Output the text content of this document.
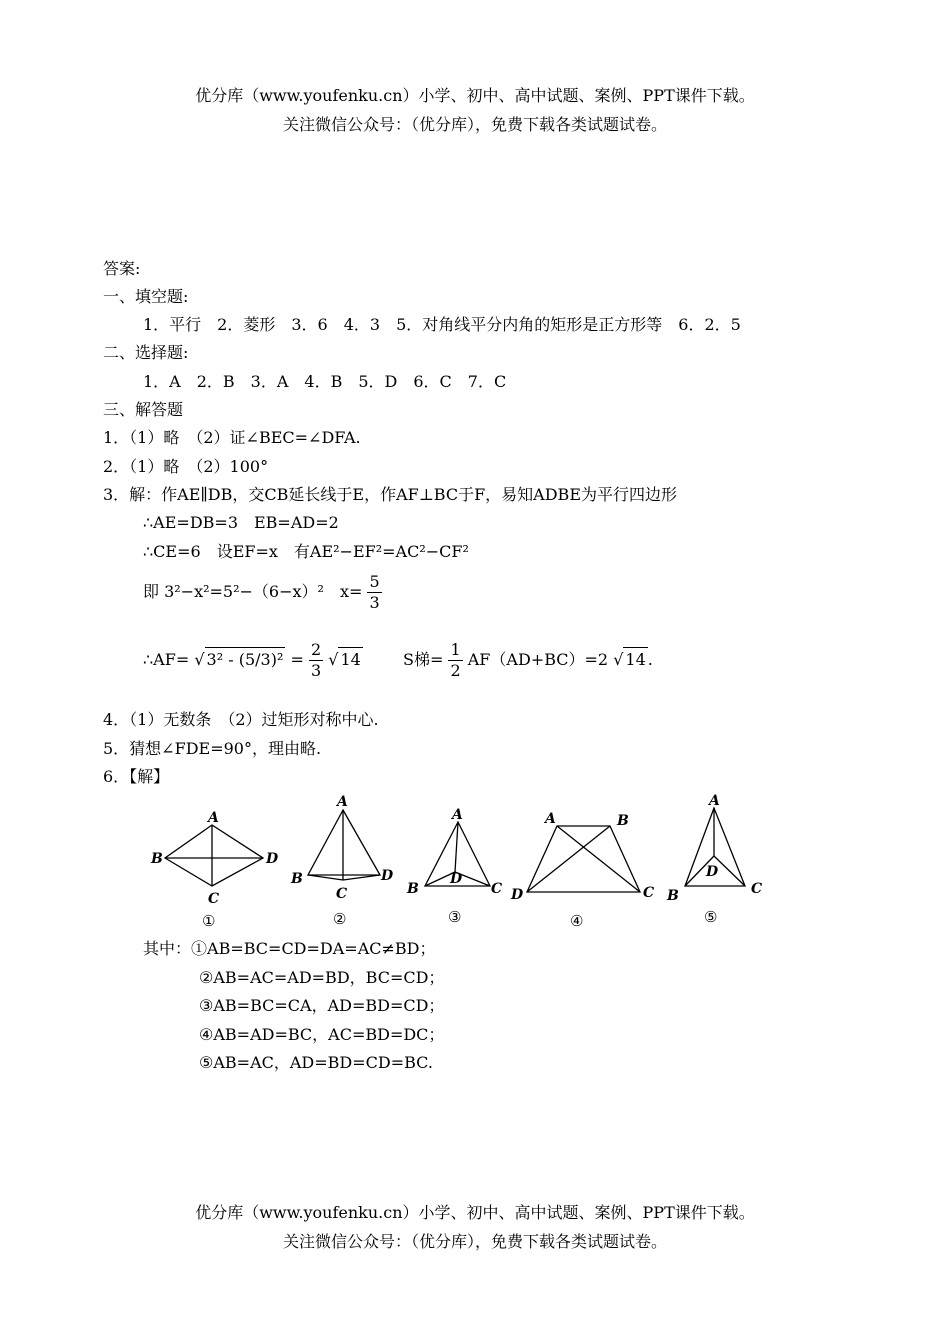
优分库（www.youfenku.cn）小学、初中、高中试题、案例、PPT课件下载。
关注微信公众号：（优分库），免费下载各类试题试卷。
答案:
一、填空题:
1．平行　2．菱形　3．6　4．3　5．对角线平分内角的矩形是正方形等　6．2．5
二、选择题:
1．A　2．B　3．A　4．B　5．D　6．C　7．C
三、解答题
1．（1）略　（2）证∠BEC=∠DFA.
2．（1）略　（2）100°
3．解：作AE∥DB，交CB延长线于E，作AF⊥BC于F，易知ADBE为平行四边形
∴AE=DB=3　EB=AD=2
∴CE=6　设EF=x　有AE²−EF²=AC²−CF²
即 3²−x²=5²−（6−x）²　$x= \frac{5}{3}$
∴AF= √ $3^2 - (5/3)^2 = \frac{2}{3}$ √ 14	S梯= $\frac{1}{2} AF(AD+BC)=2$ √ 14 .
4．（1）无数条　（2）过矩形对称中心.
5．猜想∠FDE=90°，理由略.
6．【解】
A
B
C
D
①
A
B
C
D
②
A
B	C
D
③
A	B
C
D
④
A
B	C
D
⑤
其中：①AB=BC=CD=DA=AC≠BD；
②AB=AC=AD=BD，BC=CD；
③AB=BC=CA，AD=BD=CD；
④AB=AD=BC，AC=BD=DC；
⑤AB=AC，AD=BD=CD=BC.
优分库（www.youfenku.cn）小学、初中、高中试题、案例、PPT课件下载。
关注微信公众号：（优分库），免费下载各类试题试卷。
